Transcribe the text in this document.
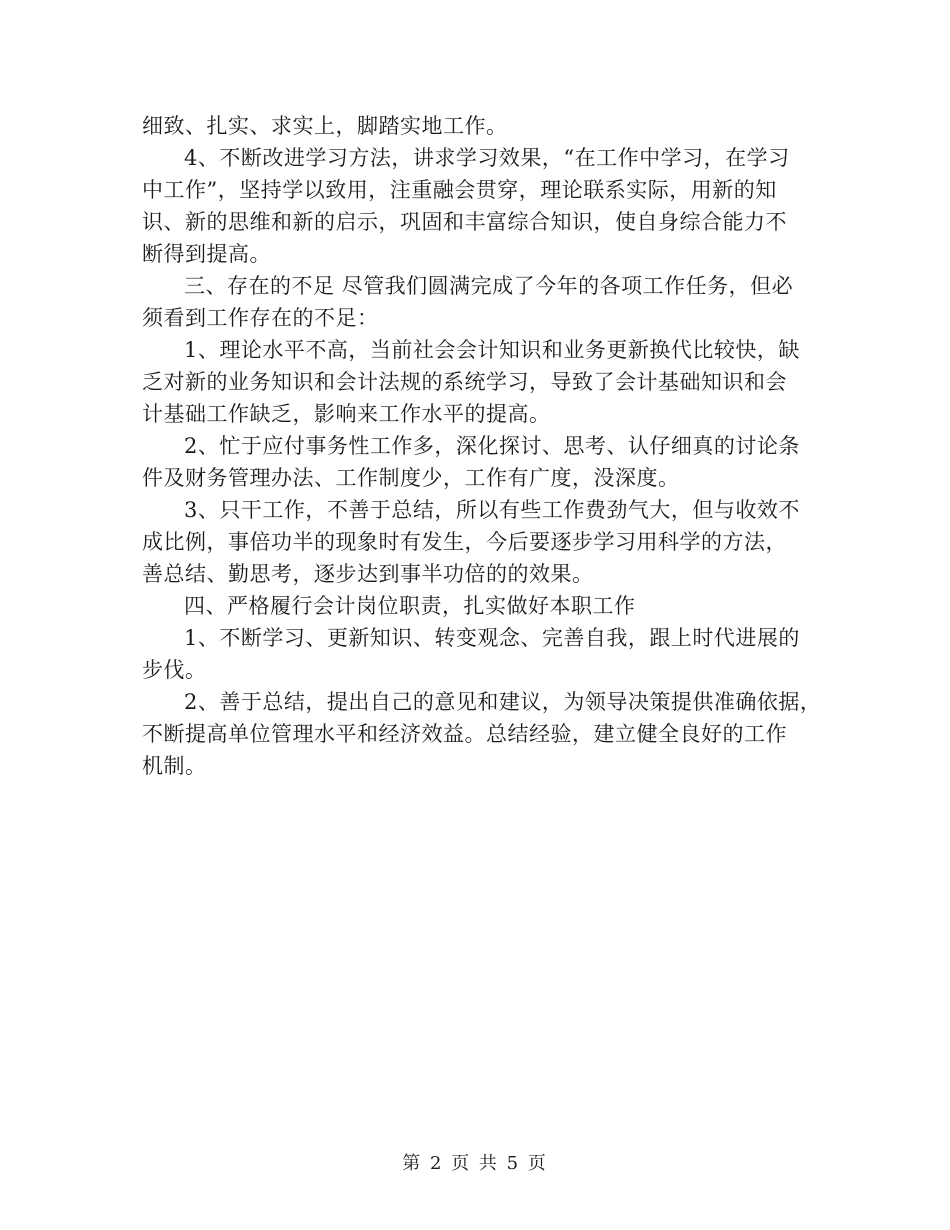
细致、扎实、求实上，脚踏实地工作。
4、不断改进学习方法，讲求学习效果，“在工作中学习，在学习
中工作”，坚持学以致用，注重融会贯穿，理论联系实际，用新的知
识、新的思维和新的启示，巩固和丰富综合知识，使自身综合能力不
断得到提高。
三、存在的不足 尽管我们圆满完成了今年的各项工作任务，但必
须看到工作存在的不足：
1、理论水平不高，当前社会会计知识和业务更新换代比较快，缺
乏对新的业务知识和会计法规的系统学习，导致了会计基础知识和会
计基础工作缺乏，影响来工作水平的提高。
2、忙于应付事务性工作多，深化探讨、思考、认仔细真的讨论条
件及财务管理办法、工作制度少，工作有广度，没深度。
3、只干工作，不善于总结，所以有些工作费劲气大，但与收效不
成比例，事倍功半的现象时有发生，今后要逐步学习用科学的方法，
善总结、勤思考，逐步达到事半功倍的的效果。
四、严格履行会计岗位职责，扎实做好本职工作
1、不断学习、更新知识、转变观念、完善自我，跟上时代进展的
步伐。
2、善于总结，提出自己的意见和建议，为领导决策提供准确依据，
不断提高单位管理水平和经济效益。总结经验，建立健全良好的工作
机制。
第 2 页 共 5 页
